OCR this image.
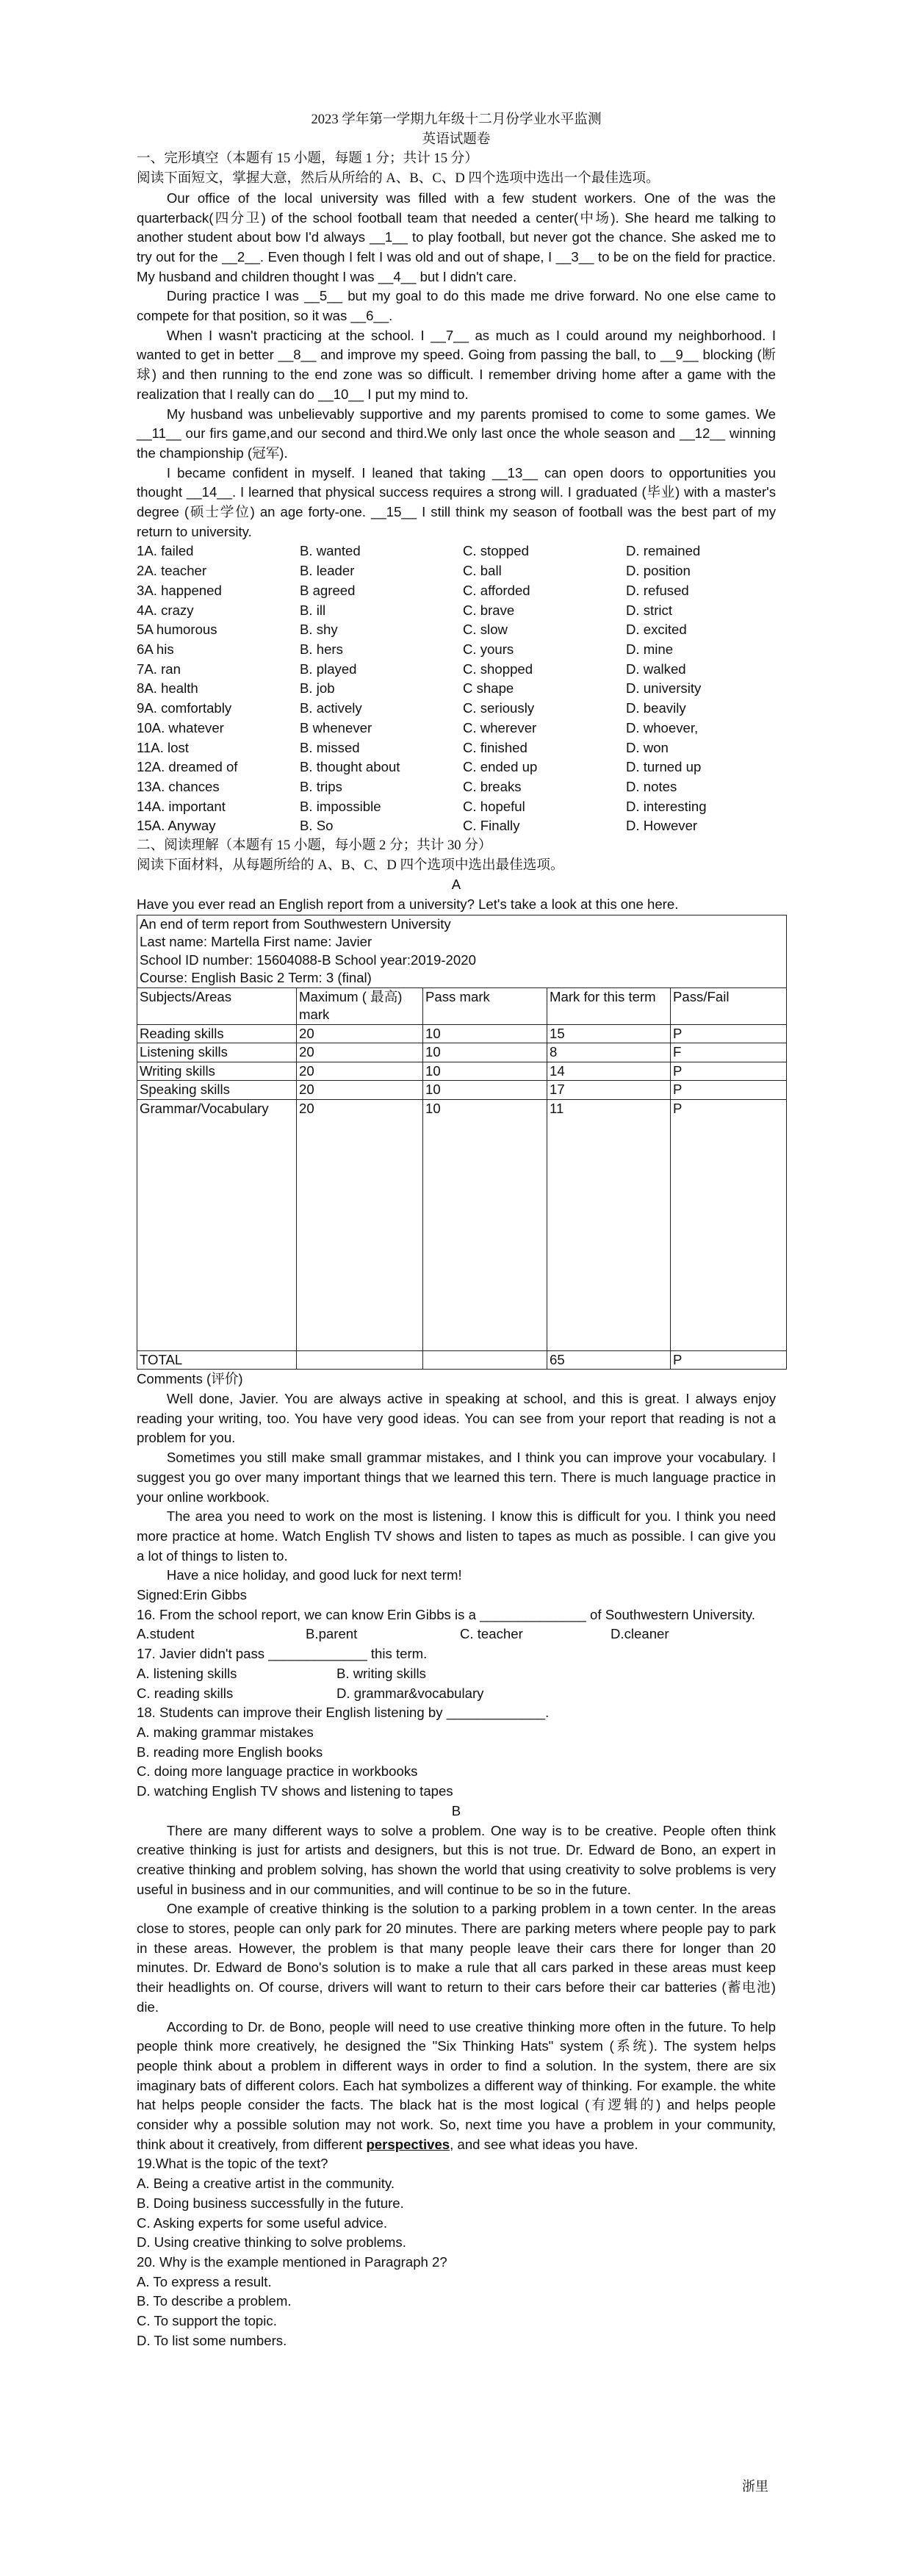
2023 学年第一学期九年级十二月份学业水平监测
英语试题卷
一、完形填空（本题有 15 小题，每题 1 分；共计 15 分）
阅读下面短文，掌握大意，然后从所给的 A、B、C、D 四个选项中选出一个最佳选项。

Our office of the local university was filled with a few student workers. One of the was the quarterback(四分卫) of the school football team that needed a center(中场). She heard me talking to another student about bow I'd always __1__ to play football, but never got the chance. She asked me to try out for the __2__. Even though I felt I was old and out of shape, I __3__ to be on the field for practice. My husband and children thought I was __4__ but I didn't care.

During practice I was __5__ but my goal to do this made me drive forward. No one else came to compete for that position, so it was __6__.

When I wasn't practicing at the school. I __7__ as much as I could around my neighborhood. I wanted to get in better __8__ and improve my speed. Going from passing the ball, to __9__ blocking (断球) and then running to the end zone was so difficult. I remember driving home after a game with the realization that I really can do __10__ I put my mind to.

My husband was unbelievably supportive and my parents promised to come to some games. We __11__ our firs game,and our second and third.We only last once the whole season and __12__ winning the championship (冠军).

I became confident in myself. I leaned that taking __13__ can open doors to opportunities you thought __14__. I learned that physical success requires a strong will. I graduated (毕业) with a master's degree (硕士学位) an age forty-one. __15__ I still think my season of football was the best part of my return to university.

1A. failed	B. wanted	C. stopped	D. remained
2A. teacher	B. leader	C. ball	D. position
3A. happened	B agreed	C. afforded	D. refused
4A. crazy	B. ill	C. brave	D. strict
5A humorous	B. shy	C. slow	D. excited
6A his	B. hers	C. yours	D. mine
7A. ran	B. played	C. shopped	D. walked
8A. health	B. job	C shape	D. university
9A. comfortably	B. actively	C. seriously	D. beavily
10A. whatever	B whenever	C. wherever	D. whoever,
11A. lost	B. missed	C. finished	D. won
12A. dreamed of	B. thought about	C. ended up	D. turned up
13A. chances	B. trips	C. breaks	D. notes
14A. important	B. impossible	C. hopeful	D. interesting
15A. Anyway	B. So	C. Finally	D. However
二、阅读理解（本题有 15 小题，每小题 2 分；共计 30 分）
阅读下面材料，从每题所给的 A、B、C、D 四个选项中选出最佳选项。
A
Have you ever read an English report from a university? Let's take a look at this one here.
An end of term report from Southwestern University
Last name: Martella First name: Javier
School ID number: 15604088-B School year:2019-2020
Course: English Basic 2 Term: 3 (final)				

Subjects/Areas	Maximum ( 最高) mark	Pass mark	Mark for this term	Pass/Fail
Reading skills	20	10	15	P
Listening skills	20	10	8	F
Writing skills	20	10	14	P
Speaking skills	20	10	17	P
Grammar/Vocabulary	20	10	11	P
TOTAL			65	P
Comments (评价)

Well done, Javier. You are always active in speaking at school, and this is great. I always enjoy reading your writing, too. You have very good ideas. You can see from your report that reading is not a problem for you.

Sometimes you still make small grammar mistakes, and I think you can improve your vocabulary. I suggest you go over many important things that we learned this tern. There is much language practice in your online workbook.

The area you need to work on the most is listening. I know this is difficult for you. I think you need more practice at home. Watch English TV shows and listen to tapes as much as possible. I can give you a lot of things to listen to.

Have a nice holiday, and good luck for next term!

Signed:Erin Gibbs

16. From the school report, we can know Erin Gibbs is a ______________ of Southwestern University.

A.student	B.parent	C. teacher	D.cleaner
17. Javier didn't pass _____________ this term.
A. listening skills	B. writing skills
C. reading skills	D. grammar&vocabulary
18. Students can improve their English listening by _____________.
A. making grammar mistakes
B. reading more English books
C. doing more language practice in workbooks
D. watching English TV shows and listening to tapes
B

There are many different ways to solve a problem. One way is to be creative. People often think creative thinking is just for artists and designers, but this is not true. Dr. Edward de Bono, an expert in creative thinking and problem solving, has shown the world that using creativity to solve problems is very useful in business and in our communities, and will continue to be so in the future.

One example of creative thinking is the solution to a parking problem in a town center. In the areas close to stores, people can only park for 20 minutes. There are parking meters where people pay to park in these areas. However, the problem is that many people leave their cars there for longer than 20 minutes. Dr. Edward de Bono's solution is to make a rule that all cars parked in these areas must keep their headlights on. Of course, drivers will want to return to their cars before their car batteries (蓄电池) die.

According to Dr. de Bono, people will need to use creative thinking more often in the future. To help people think more creatively, he designed the "Six Thinking Hats" system (系统). The system helps people think about a problem in different ways in order to find a solution. In the system, there are six imaginary bats of different colors. Each hat symbolizes a different way of thinking. For example. the white hat helps people consider the facts. The black hat is the most logical (有逻辑的) and helps people consider why a possible solution may not work. So, next time you have a problem in your community, think about it creatively, from different perspectives, and see what ideas you have.

19.What is the topic of the text?
A. Being a creative artist in the community.
B. Doing business successfully in the future.
C. Asking experts for some useful advice.
D. Using creative thinking to solve problems.
20. Why is the example mentioned in Paragraph 2?
A. To express a result.
B. To describe a problem.
C. To support the topic.
D. To list some numbers.
浙里
